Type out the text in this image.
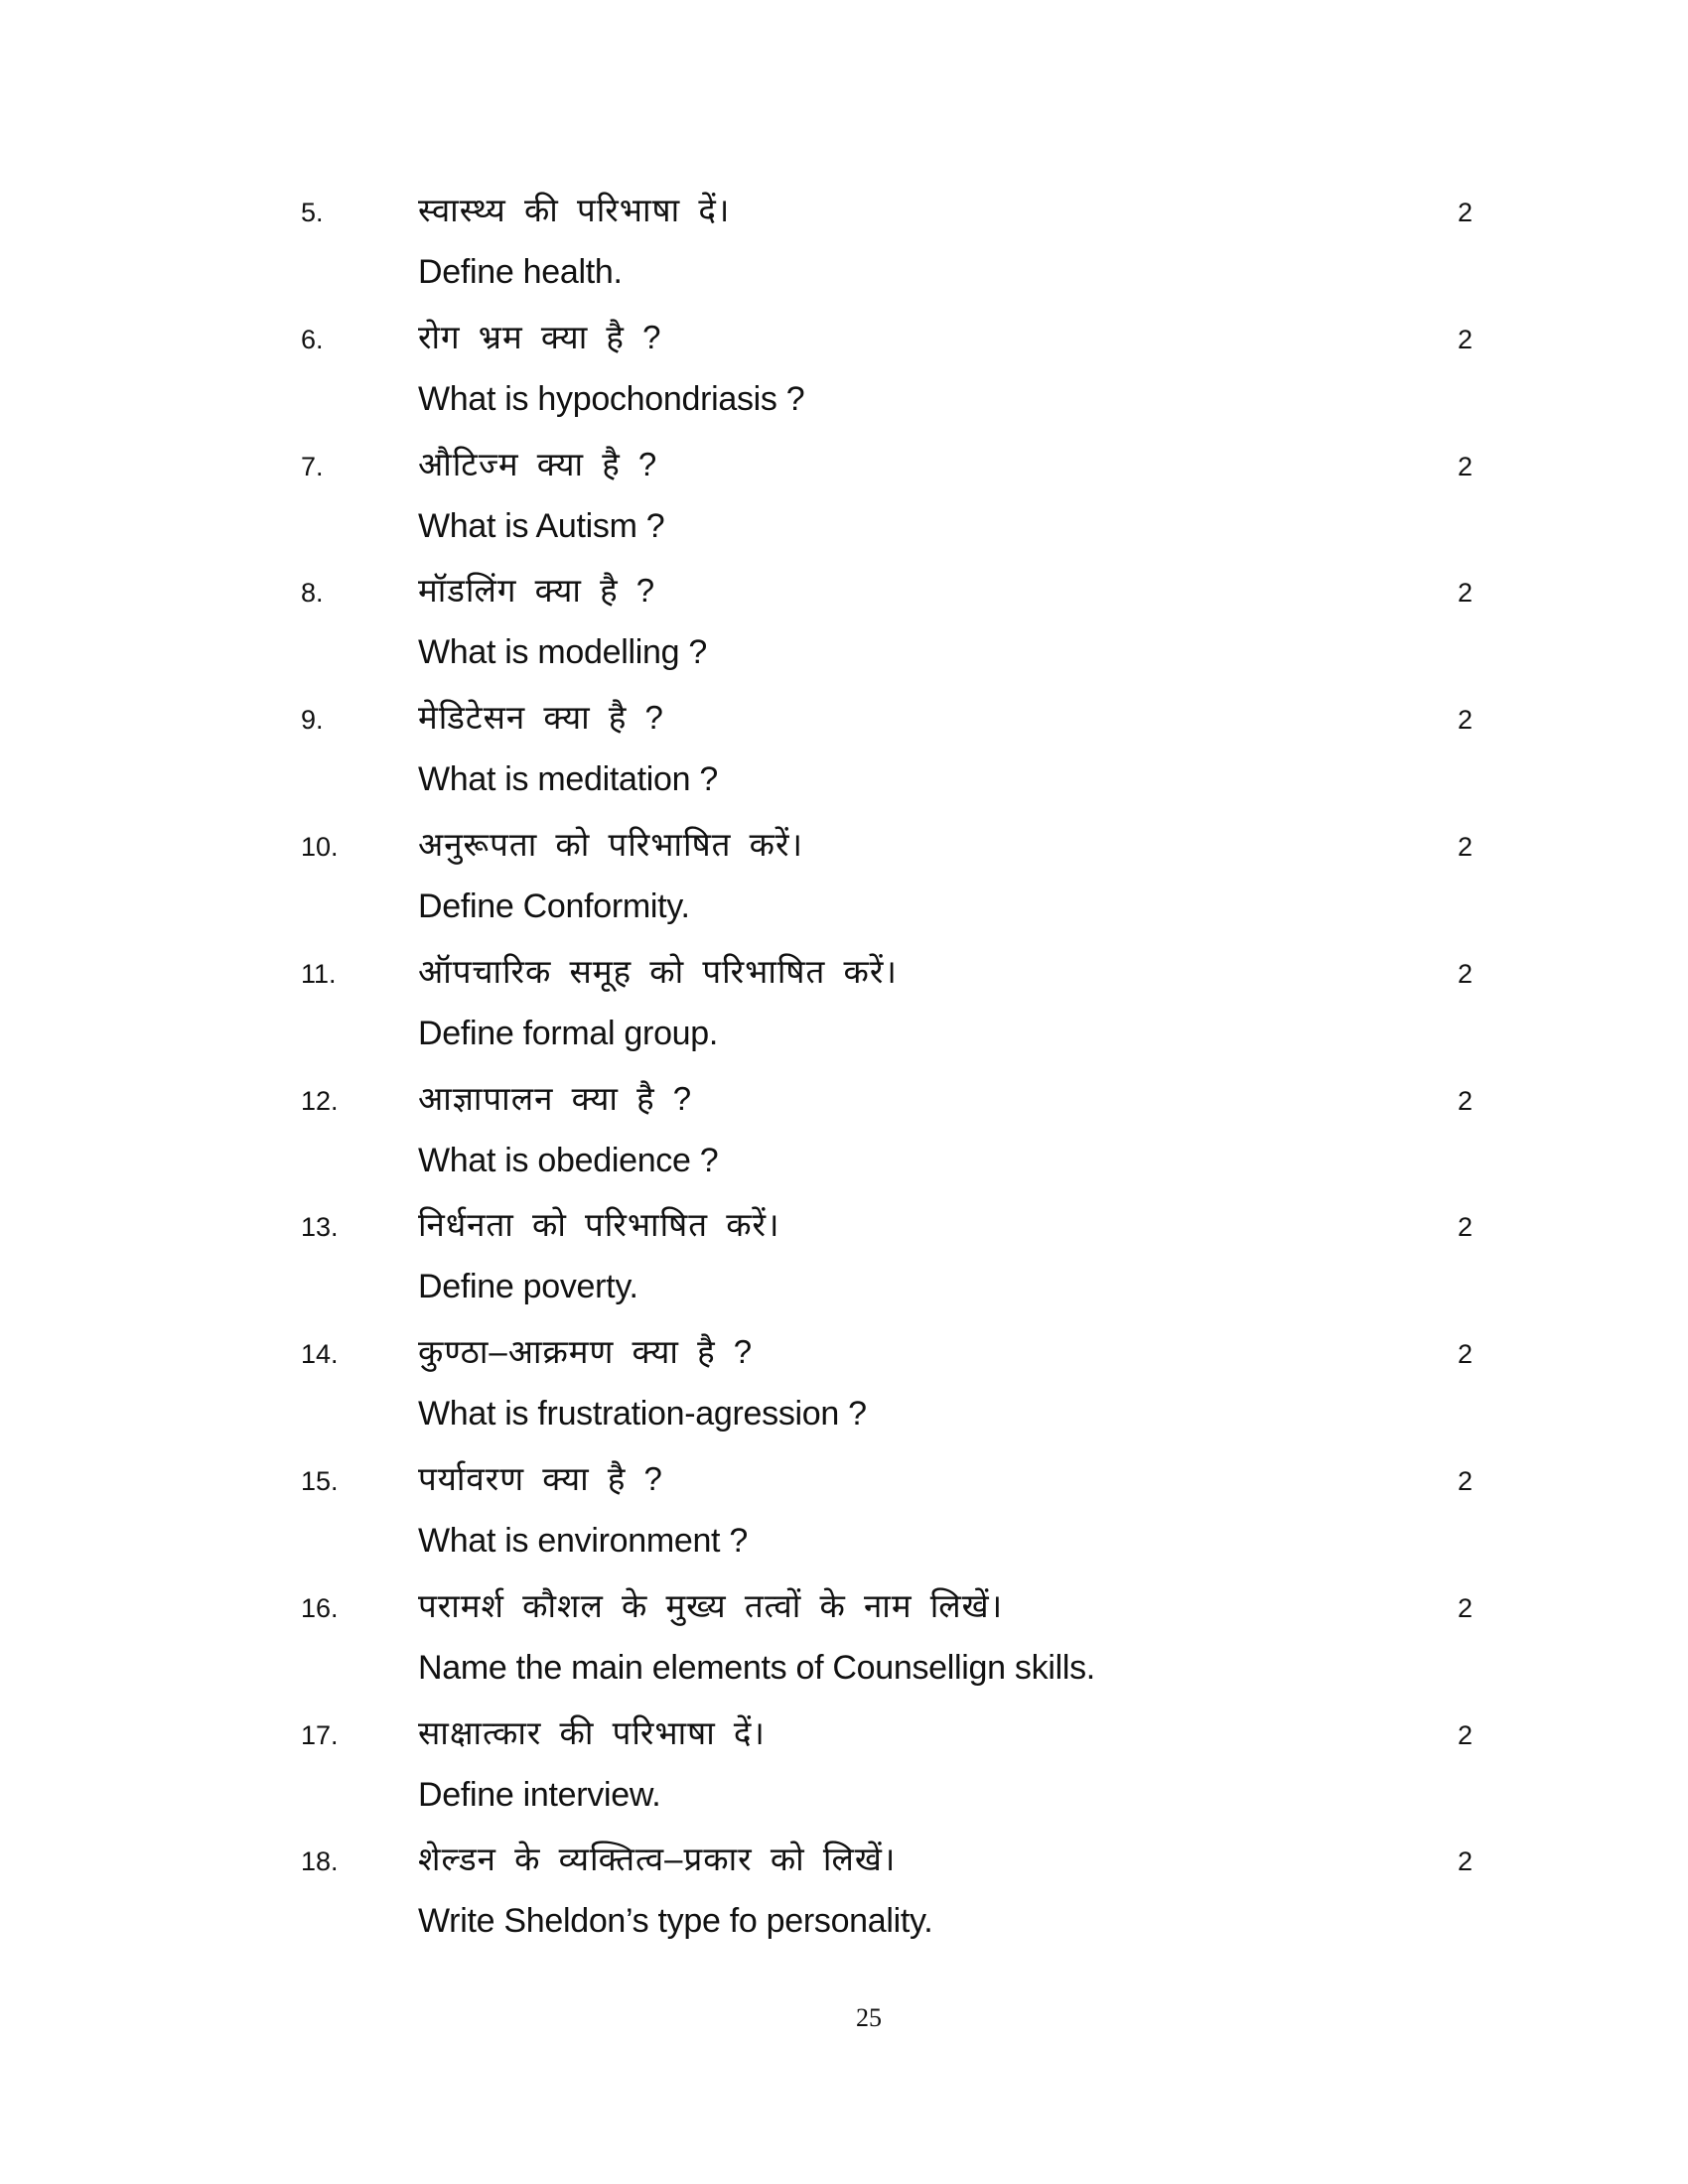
5.	स्वास्थ्य की परिभाषा दें।
Define health.
2
6.	रोग भ्रम क्या है ?
What is hypochondriasis ?
2
7.	औटिज्म क्या है ?
What is Autism ?
2
8.	मॉडलिंग क्या है ?
What is modelling ?
2
9.	मेडिटेसन क्या है ?
What is meditation ?
2
10. अनुरूपता को परिभाषित करें।
Define Conformity.
2
11. ऑपचारिक समूह को परिभाषित करें।
Define formal group.
2
12. आज्ञापालन क्या है ?
What is obedience ?
2
13. निर्धनता को परिभाषित करें।
Define poverty.
2
14. कुण्ठा–आक्रमण क्या है ?
What is frustration-agression ?
2
15. पर्यावरण क्या है ?
What is environment ?
2
16. परामर्श कौशल के मुख्य तत्वों के नाम लिखें।
Name the main elements of Counsellign skills.
2
17. साक्षात्कार की परिभाषा दें।
Define interview.
2
18. शेल्डन के व्यक्तित्व–प्रकार को लिखें।
Write Sheldon’s type fo personality.
2
25
